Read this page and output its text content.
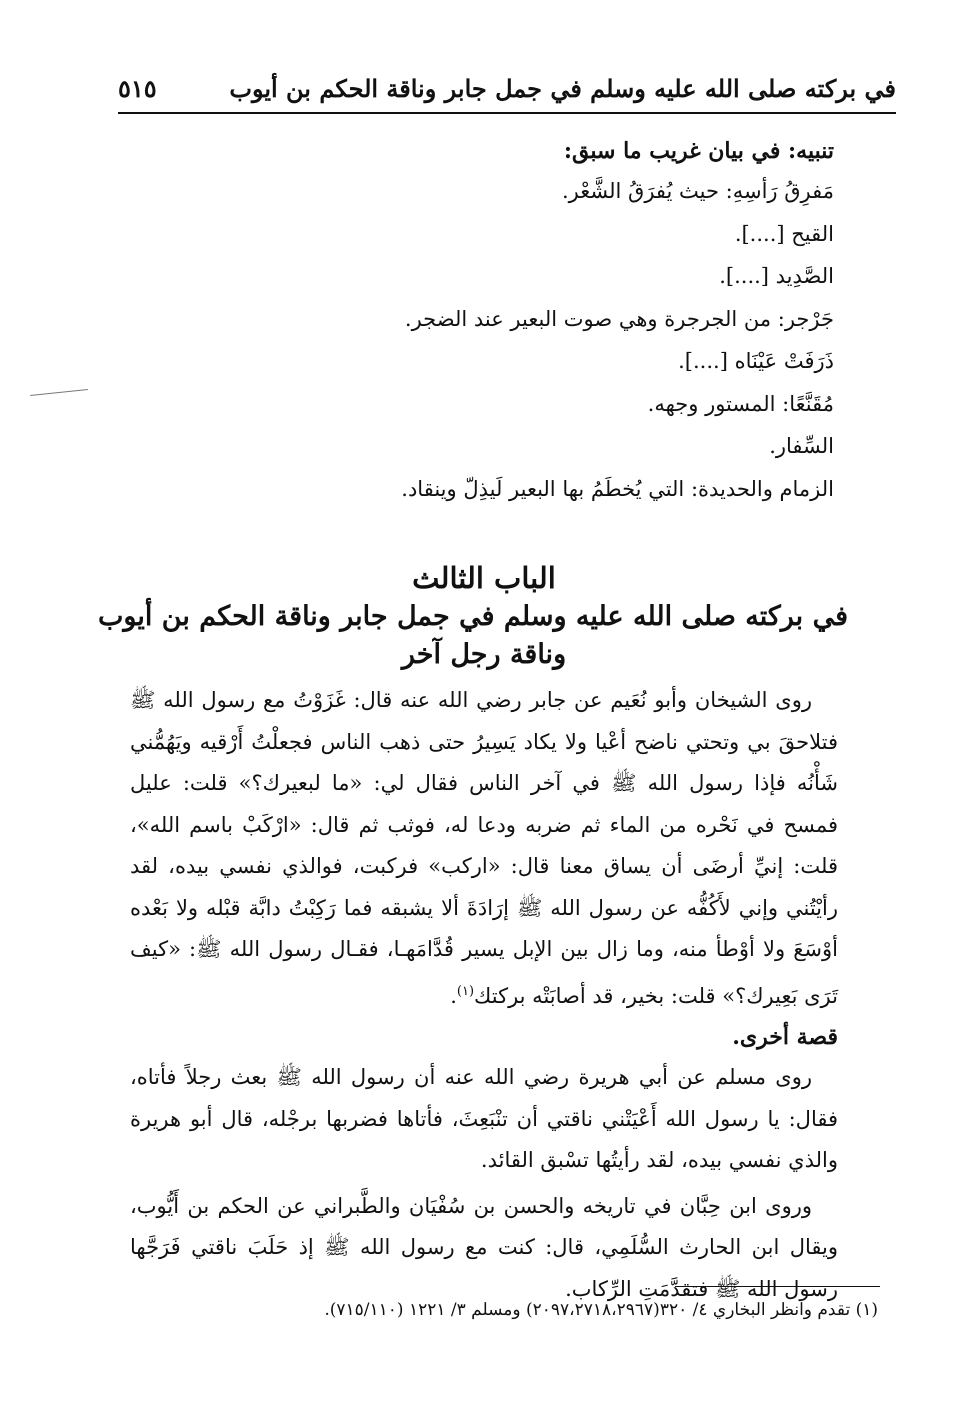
في بركته صلى الله عليه وسلم في جمل جابر وناقة الحكم بن أيوب
٥١٥
تنبيه: في بيان غريب ما سبق:
مَفرِقُ رَأسِهِ: حيث يُفرَقُ الشَّعْر.
القيح [....].
الصَّدِيد [....].
جَرْجر: من الجرجرة وهي صوت البعير عند الضجر.
ذَرَفَتْ عَيْنَاه [....].
مُقَنَّعًا: المستور وجهه.
السِّفار.
الزمام والحديدة: التي يُخطَمُ بها البعير لَيذِلّ وينقاد.
الباب الثالث
في بركته صلى الله عليه وسلم في جمل جابر وناقة الحكم بن أيوب
وناقة رجل آخر

روى الشيخان وأبو نُعَيم عن جابر رضي الله عنه قال: غَزَوْتُ مع رسول الله ﷺ فتلاحقَ بي وتحتي ناضح أعْيا ولا يكاد يَسِيرُ حتى ذهب الناس فجعلْتُ أَرْقيه ويَهُمُّني شَأْنُه فإذا رسول الله ﷺ في آخر الناس فقال لي: «ما لبعيرك؟» قلت: عليل فمسح في نَحْره من الماء ثم ضربه ودعا له، فوثب ثم قال: «ارْكَبْ باسم الله»، قلت: إنيِّ أرضَى أن يساق معنا قال: «اركب» فركبت، فوالذي نفسي بيده، لقد رأيْتُني وإني لأَكُفُّه عن رسول الله ﷺ إرَادَةَ ألا يشبقه فما رَكِبْتُ دابَّة قبْله ولا بَعْده أوْسَعَ ولا أوْطأ منه، وما زال بين الإبل يسير قُدَّامَهـا، فقـال رسول الله ﷺ: «كيف تَرَى بَعِيرك؟» قلت: بخير، قد أصابَتْه بركتك$^{(١)}$.

قصة أخرى.

روى مسلم عن أبي هريرة رضي الله عنه أن رسول الله ﷺ بعث رجلاً فأتاه، فقال: يا رسول الله أَعْيَتْني ناقتي أن تنْبَعِثَ، فأتاها فضربها برجْله، قال أبو هريرة والذي نفسي بيده، لقد رأيتُها تسْبق القائد.

وروى ابن حِبَّان في تاريخه والحسن بن سُفْيَان والطَّبراني عن الحكم بن أَيُّوب، ويقال ابن الحارث السُّلَمِي، قال: كنت مع رسول الله ﷺ إذ حَلَبَ ناقتي فَرَجَّها رسول الله ﷺ فتقدَّمَتِ الرِّكاب.

(١) تقدم وانظر البخاري ٤/ ٣٢٠(٢٠٩٧،٢٧١٨،٢٩٦٧) ومسلم ٣/ ١٢٢١ (٧١٥/١١٠).
